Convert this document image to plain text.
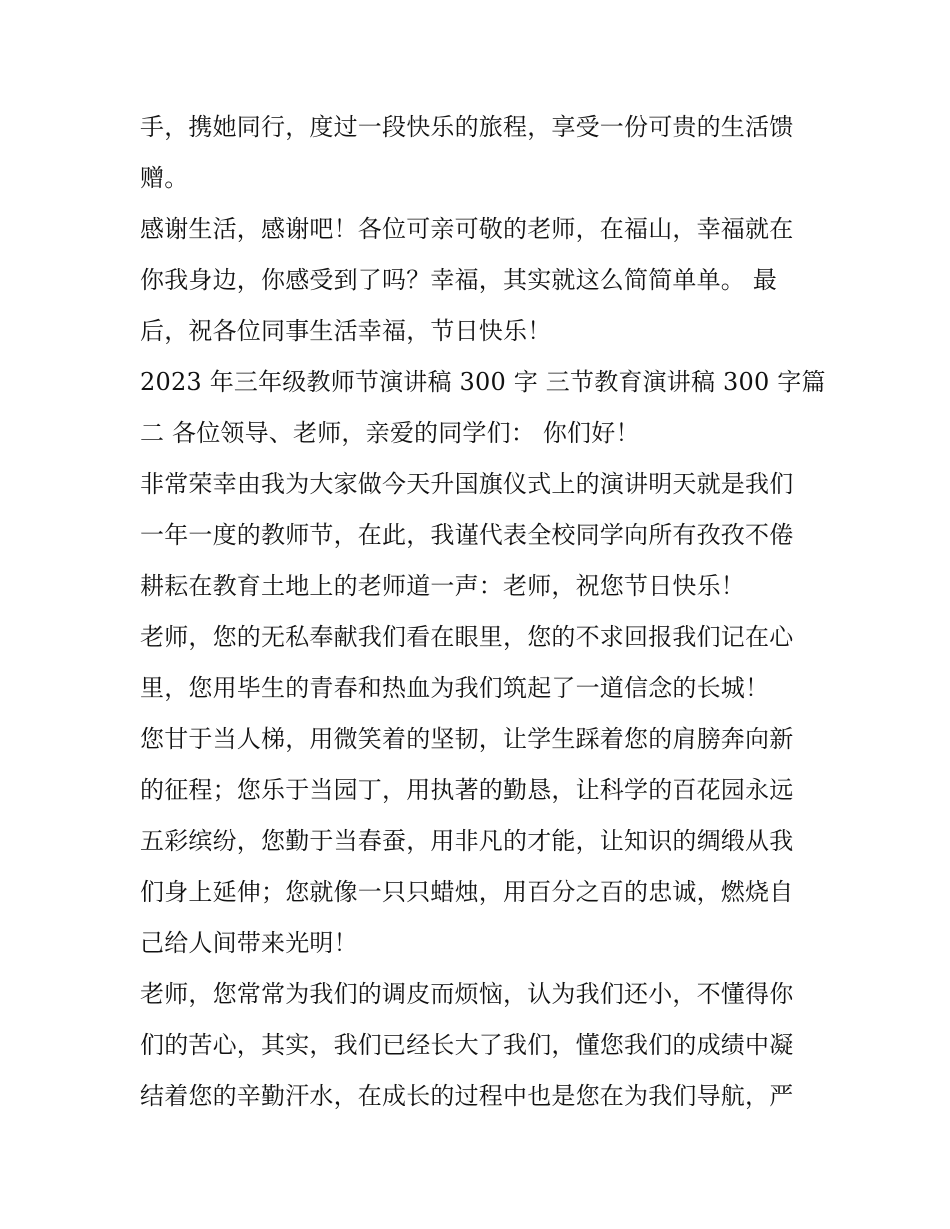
手，携她同行，度过一段快乐的旅程，享受一份可贵的生活馈
赠。
感谢生活，感谢吧！各位可亲可敬的老师，在福山，幸福就在
你我身边，你感受到了吗？幸福，其实就这么简简单单。 最
后，祝各位同事生活幸福，节日快乐！
2023 年三年级教师节演讲稿 300 字 三节教育演讲稿 300 字篇
二 各位领导、老师，亲爱的同学们： 你们好！
非常荣幸由我为大家做今天升国旗仪式上的演讲明天就是我们
一年一度的教师节，在此，我谨代表全校同学向所有孜孜不倦
耕耘在教育土地上的老师道一声：老师，祝您节日快乐！
老师，您的无私奉献我们看在眼里，您的不求回报我们记在心
里，您用毕生的青春和热血为我们筑起了一道信念的长城！
您甘于当人梯，用微笑着的坚韧，让学生踩着您的肩膀奔向新
的征程；您乐于当园丁，用执著的勤恳，让科学的百花园永远
五彩缤纷，您勤于当春蚕，用非凡的才能，让知识的绸缎从我
们身上延伸；您就像一只只蜡烛，用百分之百的忠诚，燃烧自
己给人间带来光明！
老师，您常常为我们的调皮而烦恼，认为我们还小，不懂得你
们的苦心，其实，我们已经长大了我们，懂您我们的成绩中凝
结着您的辛勤汗水，在成长的过程中也是您在为我们导航，严
